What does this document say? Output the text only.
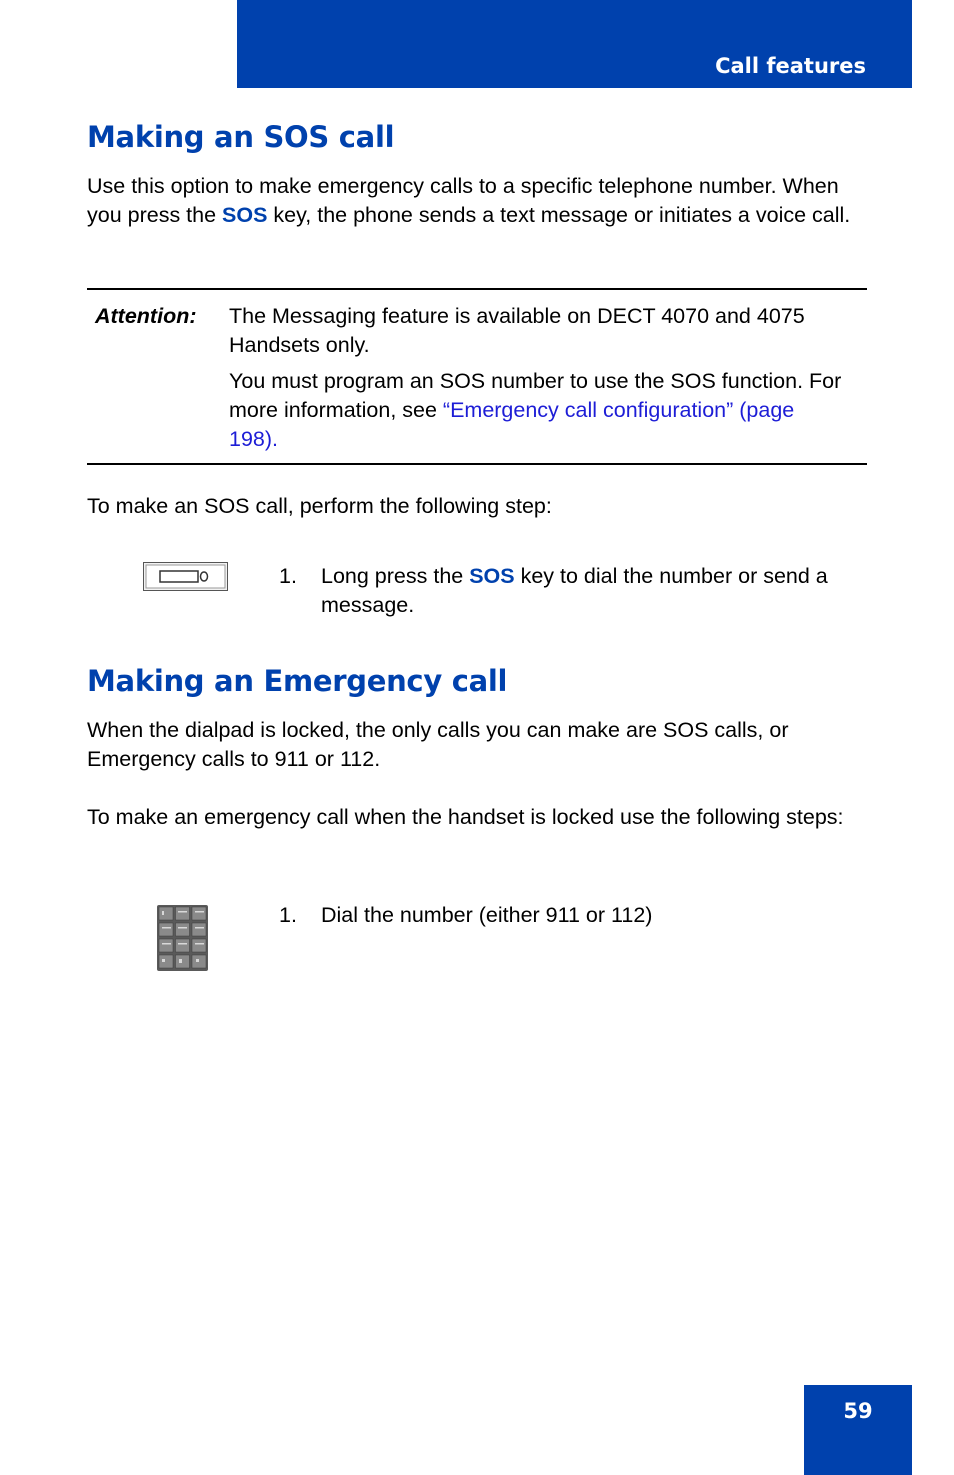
Call features
Making an SOS call

Use this option to make emergency calls to a specific telephone number. When you press the SOS key, the phone sends a text message or initiates a voice call.

Attention: The Messaging feature is available on DECT 4070 and 4075 Handsets only.

You must program an SOS number to use the SOS function. For more information, see “Emergency call configuration” (page 198).

To make an SOS call, perform the following step:

1. Long press the SOS key to dial the number or send a message.
Making an Emergency call

When the dialpad is locked, the only calls you can make are SOS calls, or Emergency calls to 911 or 112.

To make an emergency call when the handset is locked use the following steps:

1. Dial the number (either 911 or 112)
59
